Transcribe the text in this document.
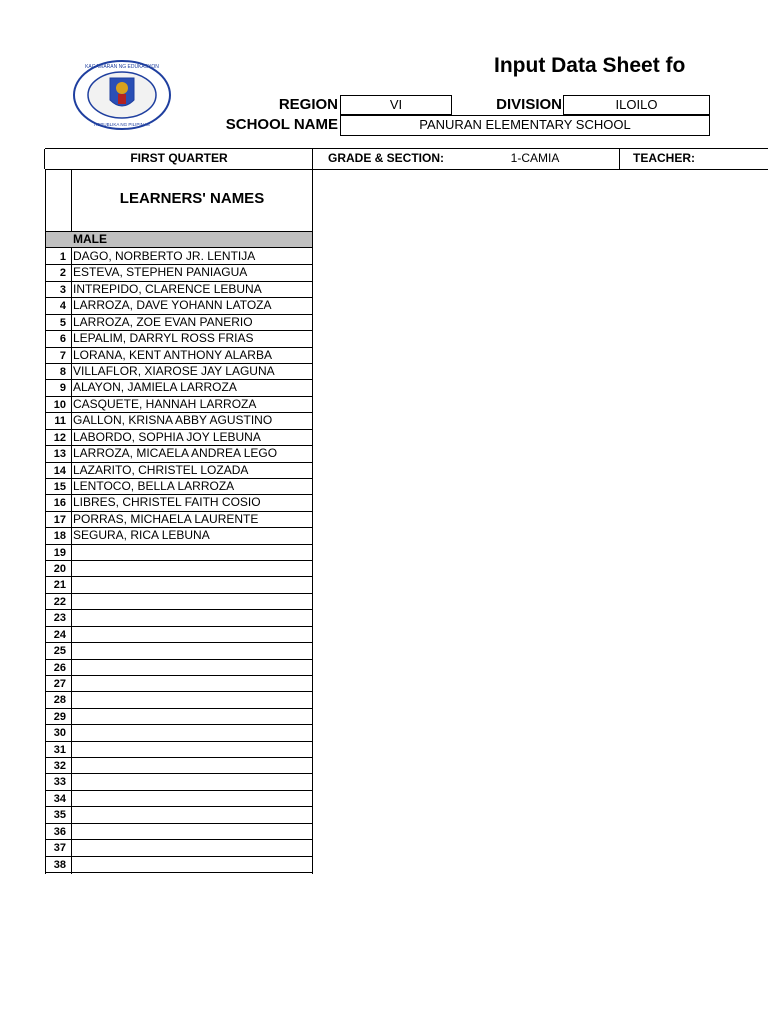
KAGAWARAN NG EDUKASYON
REPUBLIKA NG PILIPINAS
Input Data Sheet fo
REGION	VI	DIVISION	ILOILO
SCHOOL NAME	PANURAN ELEMENTARY SCHOOL
FIRST QUARTER	GRADE & SECTION:	1-CAMIA	TEACHER:
LEARNERS' NAMES
MALE
1 DAGO, NORBERTO JR. LENTIJA
2 ESTEVA, STEPHEN PANIAGUA
3 INTREPIDO, CLARENCE LEBUNA
4 LARROZA, DAVE YOHANN LATOZA
5 LARROZA, ZOE EVAN PANERIO
6 LEPALIM, DARRYL ROSS FRIAS
7 LORANA, KENT ANTHONY ALARBA
8 VILLAFLOR, XIAROSE JAY LAGUNA
9 ALAYON, JAMIELA LARROZA
10 CASQUETE, HANNAH LARROZA
11 GALLON, KRISNA ABBY AGUSTINO
12 LABORDO, SOPHIA JOY LEBUNA
13 LARROZA, MICAELA ANDREA LEGO
14 LAZARITO, CHRISTEL LOZADA
15 LENTOCO, BELLA LARROZA
16 LIBRES, CHRISTEL FAITH COSIO
17 PORRAS, MICHAELA LAURENTE
18 SEGURA, RICA LEBUNA
19
20
21
22
23
24
25
26
27
28
29
30
31
32
33
34
35
36
37
38
